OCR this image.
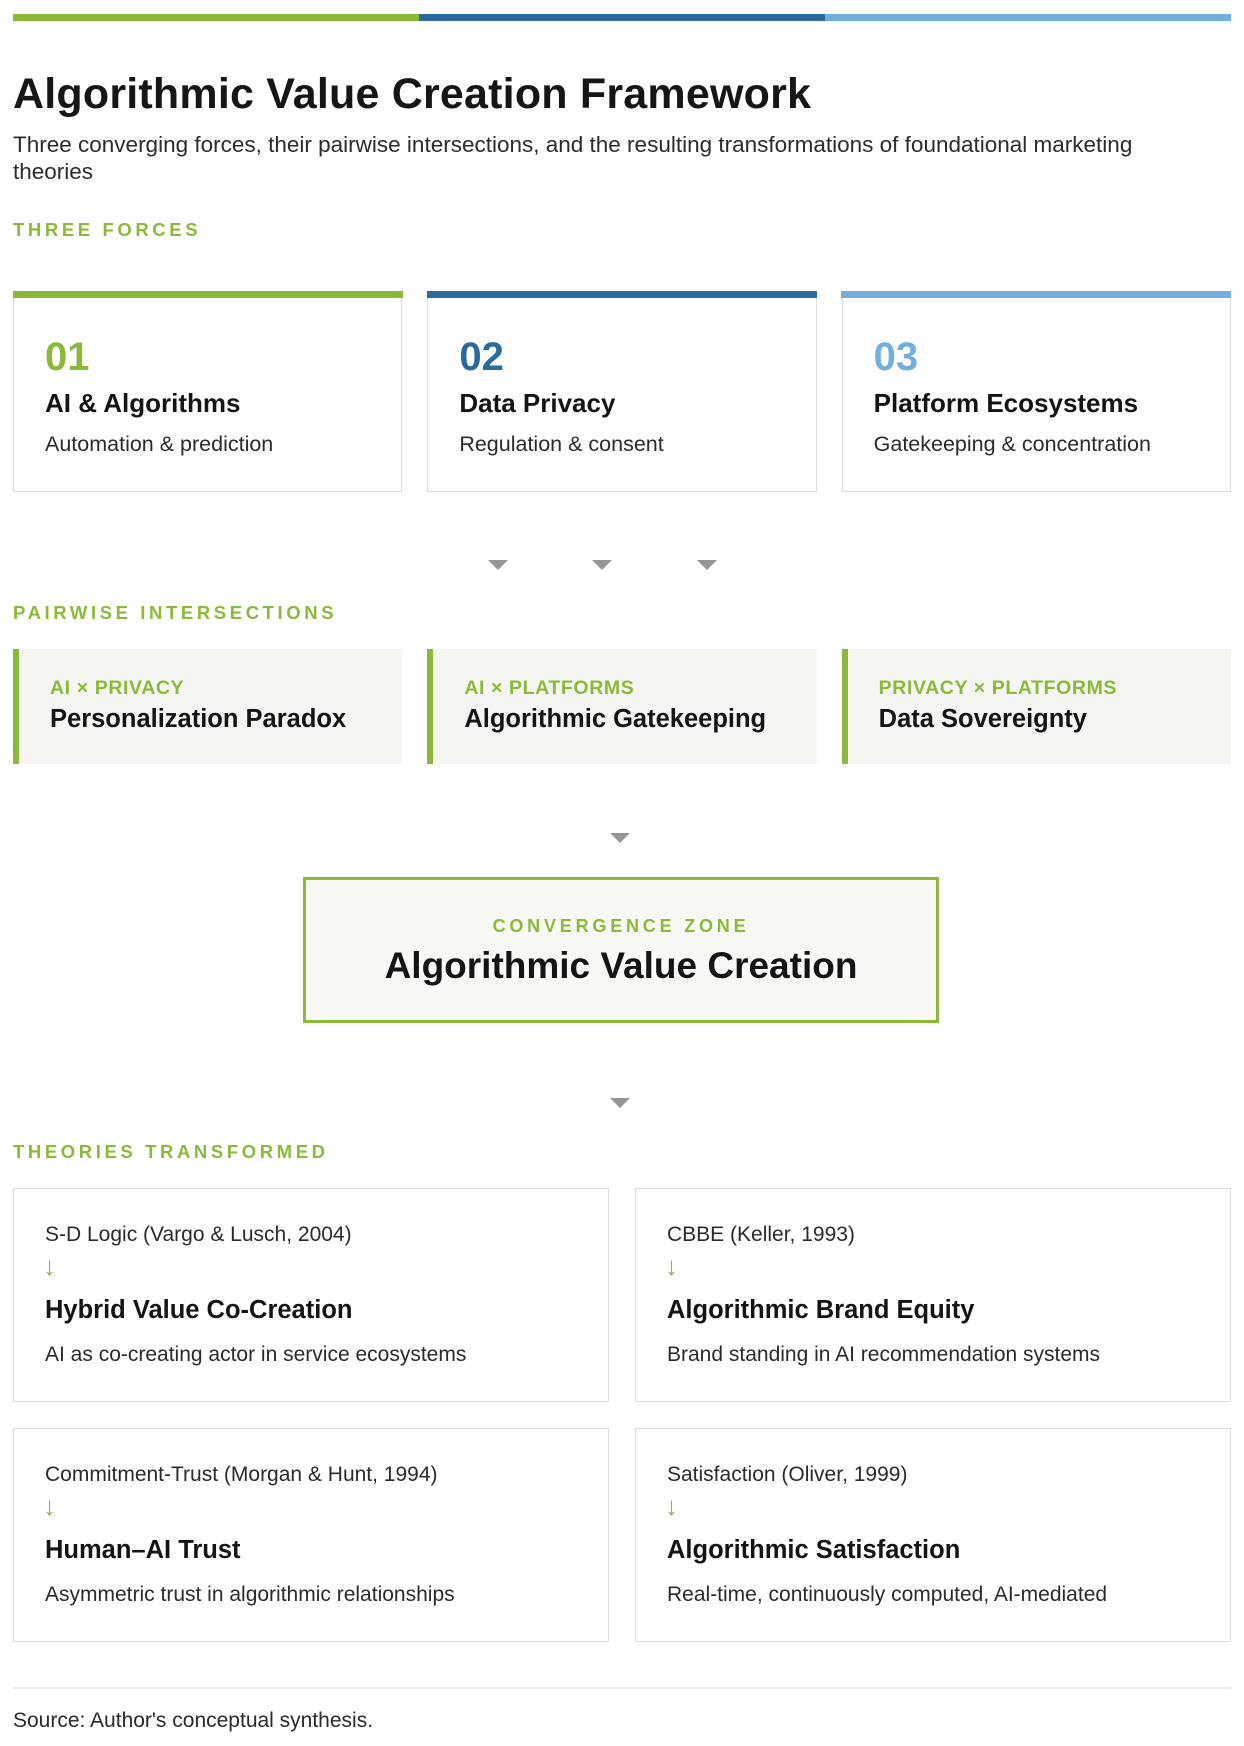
Algorithmic Value Creation Framework

Three converging forces, their pairwise intersections, and the resulting transformations of foundational marketing theories

THREE FORCES
01
AI & Algorithms
Automation & prediction
02
Data Privacy
Regulation & consent
03
Platform Ecosystems
Gatekeeping & concentration
PAIRWISE INTERSECTIONS
AI × PRIVACY
Personalization Paradox
AI × PLATFORMS
Algorithmic Gatekeeping
PRIVACY × PLATFORMS
Data Sovereignty
CONVERGENCE ZONE
Algorithmic Value Creation
THEORIES TRANSFORMED
S-D Logic (Vargo & Lusch, 2004)
↓
Hybrid Value Co-Creation
AI as co-creating actor in service ecosystems
CBBE (Keller, 1993)
↓
Algorithmic Brand Equity
Brand standing in AI recommendation systems
Commitment-Trust (Morgan & Hunt, 1994)
↓
Human–AI Trust
Asymmetric trust in algorithmic relationships
Satisfaction (Oliver, 1999)
↓
Algorithmic Satisfaction
Real-time, continuously computed, AI-mediated
Source: Author's conceptual synthesis.
